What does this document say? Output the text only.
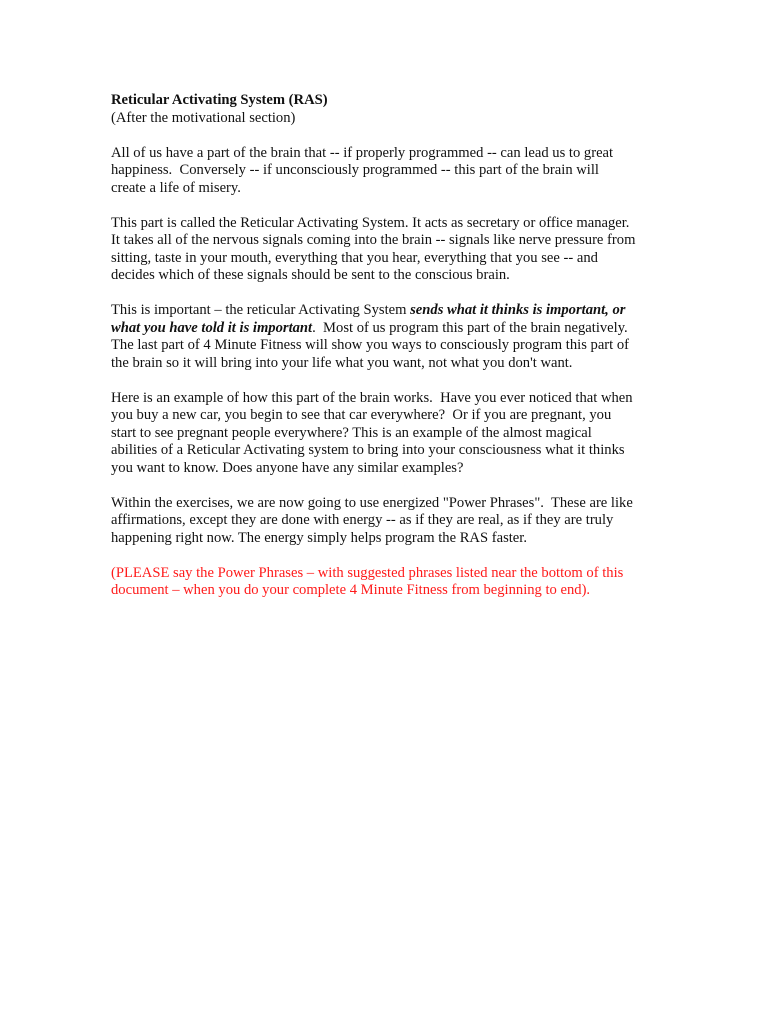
Reticular Activating System (RAS)
(After the motivational section)
All of us have a part of the brain that -- if properly programmed -- can lead us to great
happiness.  Conversely -- if unconsciously programmed -- this part of the brain will
create a life of misery.
This part is called the Reticular Activating System. It acts as secretary or office manager.
It takes all of the nervous signals coming into the brain -- signals like nerve pressure from
sitting, taste in your mouth, everything that you hear, everything that you see -- and
decides which of these signals should be sent to the conscious brain.
This is important – the reticular Activating System sends what it thinks is important, or
what you have told it is important.  Most of us program this part of the brain negatively.
The last part of 4 Minute Fitness will show you ways to consciously program this part of
the brain so it will bring into your life what you want, not what you don't want.
Here is an example of how this part of the brain works.  Have you ever noticed that when
you buy a new car, you begin to see that car everywhere?  Or if you are pregnant, you
start to see pregnant people everywhere? This is an example of the almost magical
abilities of a Reticular Activating system to bring into your consciousness what it thinks
you want to know. Does anyone have any similar examples?
Within the exercises, we are now going to use energized "Power Phrases".  These are like
affirmations, except they are done with energy -- as if they are real, as if they are truly
happening right now. The energy simply helps program the RAS faster.
(PLEASE say the Power Phrases – with suggested phrases listed near the bottom of this
document – when you do your complete 4 Minute Fitness from beginning to end).
